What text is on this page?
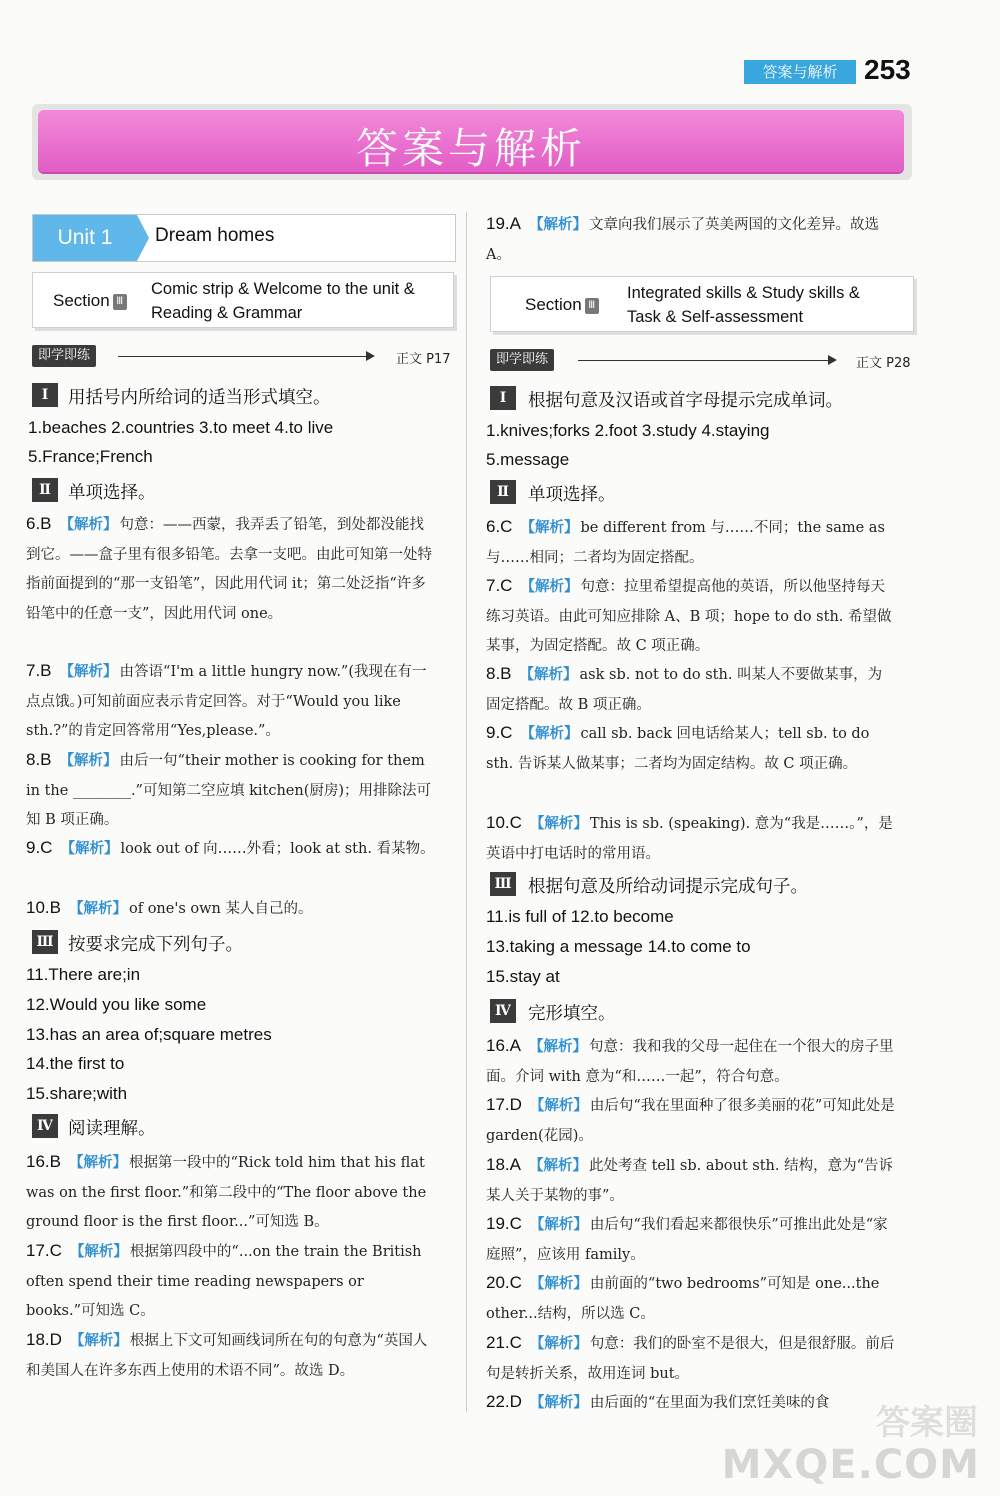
答案与解析 253
答案与解析
Unit 1	Dream homes
Section Ⅲ
Comic strip & Welcome to the unit &
Reading & Grammar
即学即练	正文 P17
Ⅰ	用括号内所给词的适当形式填空。
1.beaches 2.countries 3.to meet 4.to live
5.France;French
Ⅱ 单项选择。
6.B 【解析】 句意：——西蒙，我弄丢了铅笔，到处都没能找到它。——盒子里有很多铅笔。去拿一支吧。由此可知第一处特指前面提到的“那一支铅笔”，因此用代词 it；第二处泛指“许多铅笔中的任意一支”，因此用代词 one。
7.B 【解析】 由答语“I'm a little hungry now.”(我现在有一点点饿。)可知前面应表示肯定回答。对于“Would you like sth.?”的肯定回答常用“Yes,please.”。
8.B 【解析】 由后一句“their mother is cooking for them in the ________.”可知第二空应填 kitchen(厨房)；用排除法可知 B 项正确。
9.C 【解析】 look out of 向……外看；look at sth. 看某物。
10.B 【解析】 of one's own 某人自己的。
Ⅲ 按要求完成下列句子。
11.There are;in
12.Would you like some
13.has an area of;square metres
14.the first to
15.share;with
Ⅳ 阅读理解。
16.B 【解析】 根据第一段中的“Rick told him that his flat was on the first floor.”和第二段中的“The floor above the ground floor is the first floor...”可知选 B。
17.C 【解析】 根据第四段中的“...on the train the British often spend their time reading newspapers or books.”可知选 C。
18.D 【解析】 根据上下文可知画线词所在句的句意为“英国人和美国人在许多东西上使用的术语不同”。故选 D。
19.A 【解析】 文章向我们展示了英美两国的文化差异。故选 A。
Section Ⅲ
Integrated skills & Study skills &
Task & Self-assessment
即学即练	正文 P28
Ⅰ	根据句意及汉语或首字母提示完成单词。
1.knives;forks 2.foot 3.study 4.staying
5.message
Ⅱ	单项选择。
6.C 【解析】 be different from 与……不同；the same as 与……相同；二者均为固定搭配。
7.C 【解析】 句意：拉里希望提高他的英语，所以他坚持每天练习英语。由此可知应排除 A、B 项；hope to do sth. 希望做某事，为固定搭配。故 C 项正确。
8.B 【解析】 ask sb. not to do sth. 叫某人不要做某事，为固定搭配。故 B 项正确。
9.C 【解析】 call sb. back 回电话给某人；tell sb. to do sth. 告诉某人做某事；二者均为固定结构。故 C 项正确。
10.C 【解析】 This is sb. (speaking). 意为“我是……。”，是英语中打电话时的常用语。
Ⅲ 根据句意及所给动词提示完成句子。
11.is full of 12.to become
13.taking a message 14.to come to
15.stay at
Ⅳ 完形填空。
16.A 【解析】 句意：我和我的父母一起住在一个很大的房子里面。介词 with 意为“和……一起”，符合句意。
17.D 【解析】 由后句“我在里面种了很多美丽的花”可知此处是 garden(花园)。
18.A 【解析】 此处考查 tell sb. about sth. 结构，意为“告诉某人关于某物的事”。
19.C 【解析】 由后句“我们看起来都很快乐”可推出此处是“家庭照”，应该用 family。
20.C 【解析】 由前面的“two bedrooms”可知是 one...the other...结构，所以选 C。
21.C 【解析】 句意：我们的卧室不是很大，但是很舒服。前后句是转折关系，故用连词 but。
22.D 【解析】 由后面的“在里面为我们烹饪美味的食	答案圈
MXQE.COM
